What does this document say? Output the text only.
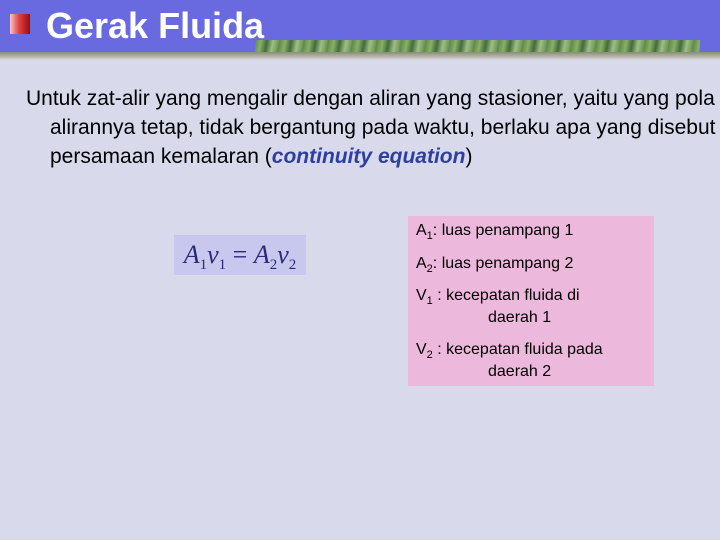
Gerak Fluida
Untuk zat-alir yang mengalir dengan aliran yang stasioner, yaitu yang pola alirannya tetap, tidak bergantung pada waktu, berlaku apa yang disebut persamaan kemalaran (continuity equation)
$A_1v_1 = A_2v_2$
$A_1$: luas penampang 1
$A_2$: luas penampang 2
$V_1$ : kecepatan fluida di
daerah 1
$V_2$ : kecepatan fluida pada
daerah 2
